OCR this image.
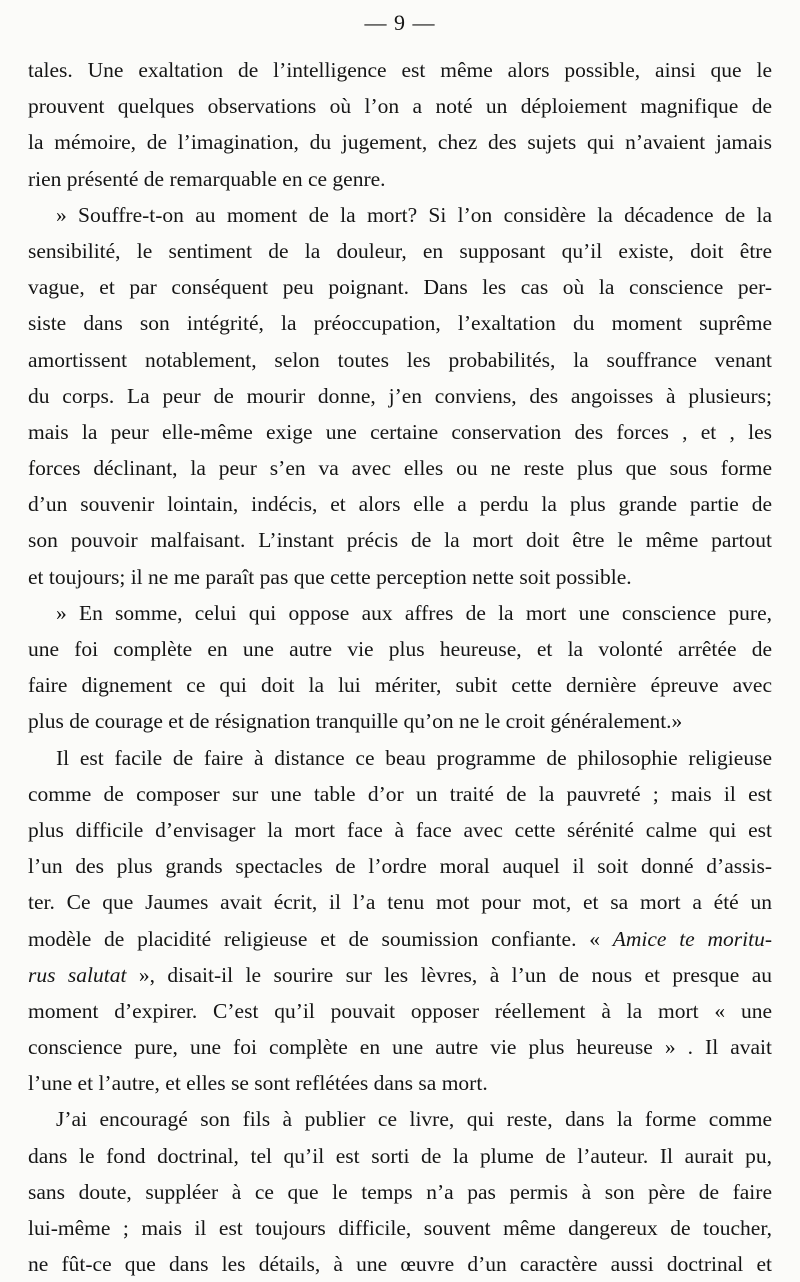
— 9 —
tales. Une exaltation de l’intelligence est même alors possible, ainsi que le
prouvent quelques observations où l’on a noté un déploiement magnifique de
la mémoire, de l’imagination, du jugement, chez des sujets qui n’avaient jamais
rien présenté de remarquable en ce genre.
» Souffre-t-on au moment de la mort? Si l’on considère la décadence de la
sensibilité, le sentiment de la douleur, en supposant qu’il existe, doit être
vague, et par conséquent peu poignant. Dans les cas où la conscience per-
siste dans son intégrité, la préoccupation, l’exaltation du moment suprême
amortissent notablement, selon toutes les probabilités, la souffrance venant
du corps. La peur de mourir donne, j’en conviens, des angoisses à plusieurs;
mais la peur elle-même exige une certaine conservation des forces , et , les
forces déclinant, la peur s’en va avec elles ou ne reste plus que sous forme
d’un souvenir lointain, indécis, et alors elle a perdu la plus grande partie de
son pouvoir malfaisant. L’instant précis de la mort doit être le même partout
et toujours; il ne me paraît pas que cette perception nette soit possible.
» En somme, celui qui oppose aux affres de la mort une conscience pure,
une foi complète en une autre vie plus heureuse, et la volonté arrêtée de
faire dignement ce qui doit la lui mériter, subit cette dernière épreuve avec
plus de courage et de résignation tranquille qu’on ne le croit généralement.»
Il est facile de faire à distance ce beau programme de philosophie religieuse
comme de composer sur une table d’or un traité de la pauvreté ; mais il est
plus difficile d’envisager la mort face à face avec cette sérénité calme qui est
l’un des plus grands spectacles de l’ordre moral auquel il soit donné d’assis-
ter. Ce que Jaumes avait écrit, il l’a tenu mot pour mot, et sa mort a été un
modèle de placidité religieuse et de soumission confiante. « Amice te moritu-
rus salutat », disait-il le sourire sur les lèvres, à l’un de nous et presque au
moment d’expirer. C’est qu’il pouvait opposer réellement à la mort « une
conscience pure, une foi complète en une autre vie plus heureuse » . Il avait
l’une et l’autre, et elles se sont reflétées dans sa mort.
J’ai encouragé son fils à publier ce livre, qui reste, dans la forme comme
dans le fond doctrinal, tel qu’il est sorti de la plume de l’auteur. Il aurait pu,
sans doute, suppléer à ce que le temps n’a pas permis à son père de faire
lui-même ; mais il est toujours difficile, souvent même dangereux de toucher,
ne fût-ce que dans les détails, à une œuvre d’un caractère aussi doctrinal et
